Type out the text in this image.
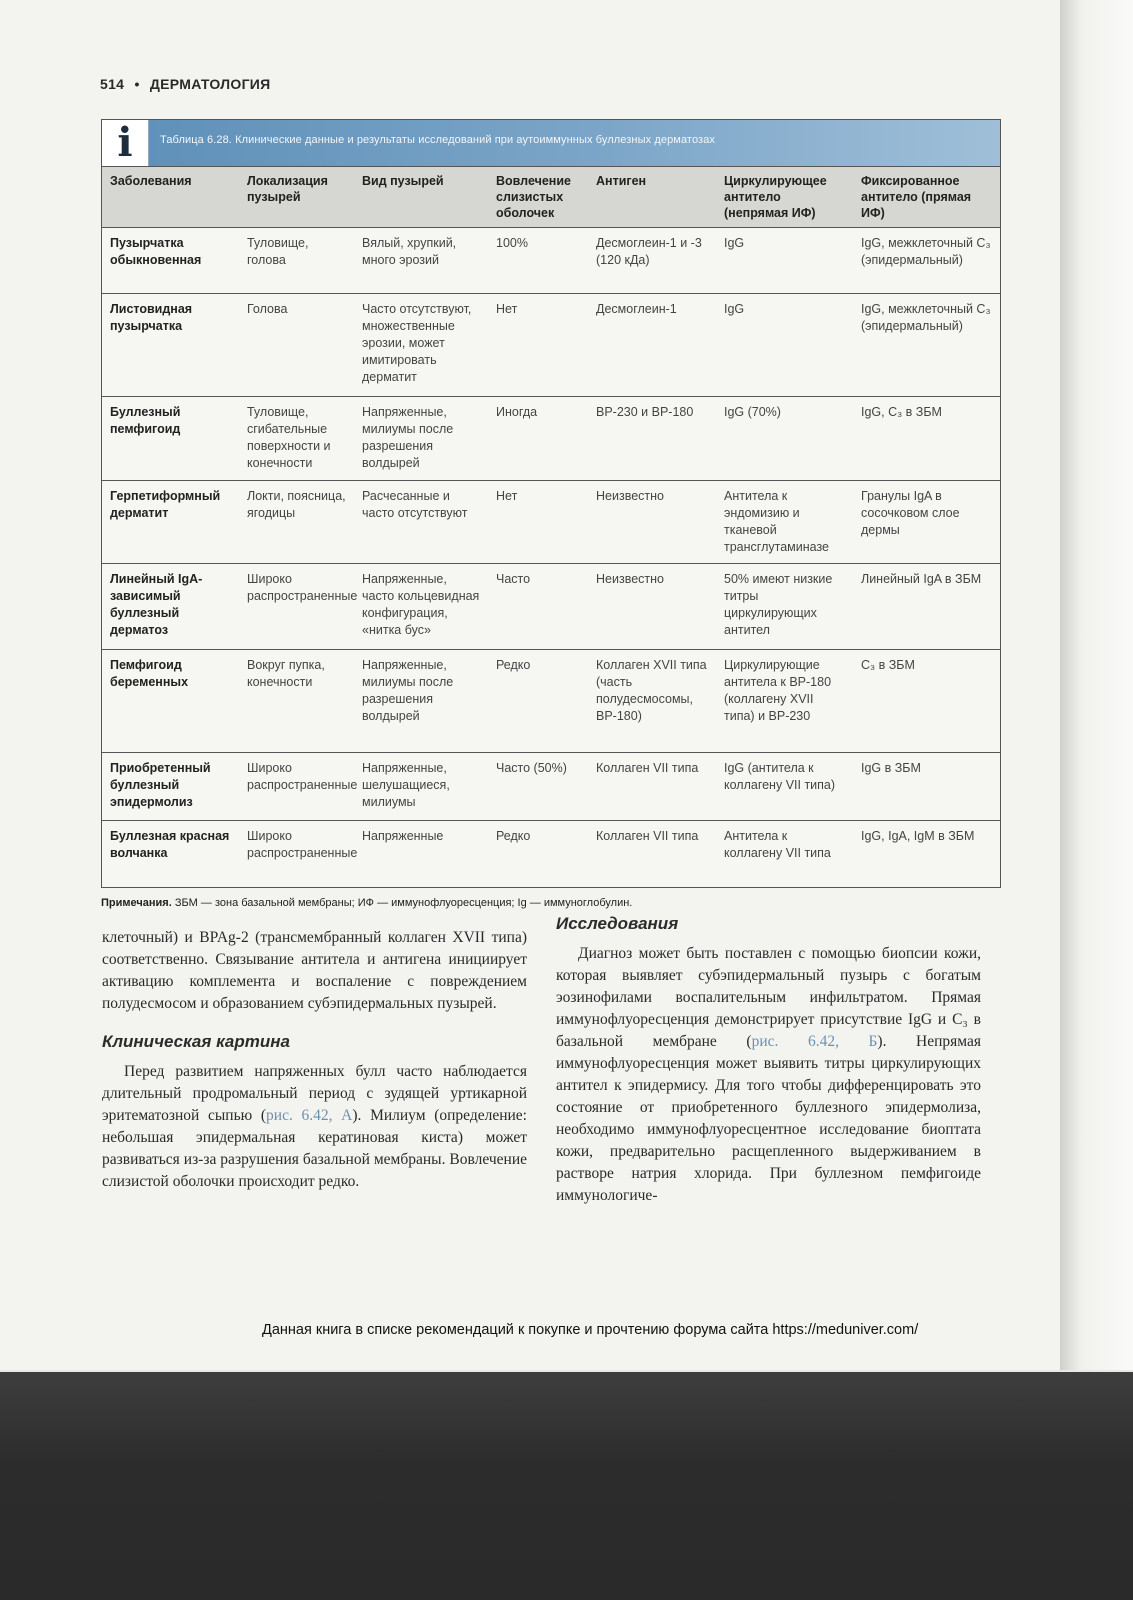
514 • ДЕРМАТОЛОГИЯ
i Таблица 6.28. Клинические данные и результаты исследований при аутоиммунных буллезных дерматозах
Заболевания	Локализация пузырей	Вид пузырей	Вовлечение слизистых оболочек	Антиген	Циркулирующее антитело (непрямая ИФ)	Фиксированное антитело (прямая ИФ)
Пузырчатка обыкновенная	Туловище, голова	Вялый, хрупкий, много эрозий	100%	Десмоглеин-1 и -3 (120 кДа)	IgG	IgG, межклеточный C₃ (эпидермальный)
Листовидная пузырчатка	Голова	Часто отсутствуют, множественные эрозии, может имитировать дерматит	Нет	Десмоглеин-1	IgG	IgG, межклеточный C₃ (эпидермальный)
Буллезный пемфигоид	Туловище, сгибательные поверхности и конечности	Напряженные, милиумы после разрешения волдырей	Иногда	BP-230 и BP-180	IgG (70%)	IgG, C₃ в ЗБМ
Герпетиформный дерматит	Локти, поясница, ягодицы	Расчесанные и часто отсутствуют	Нет	Неизвестно	Антитела к эндомизию и тканевой трансглутаминазе	Гранулы IgA в сосочковом слое дермы
Линейный IgA-зависимый буллезный дерматоз	Широко распространенные	Напряженные, часто кольцевидная конфигурация, «нитка бус»	Часто	Неизвестно	50% имеют низкие титры циркулирующих антител	Линейный IgA в ЗБМ
Пемфигоид беременных	Вокруг пупка, конечности	Напряженные, милиумы после разрешения волдырей	Редко	Коллаген XVII типа (часть полудесмосомы, BP-180)	Циркулирующие антитела к BP-180 (коллагену XVII типа) и BP-230	C₃ в ЗБМ
Приобретенный буллезный эпидермолиз	Широко распространенные	Напряженные, шелушащиеся, милиумы	Часто (50%)	Коллаген VII типа	IgG (антитела к коллагену VII типа)	IgG в ЗБМ
Буллезная красная волчанка	Широко распространенные	Напряженные	Редко	Коллаген VII типа	Антитела к коллагену VII типа	IgG, IgA, IgM в ЗБМ
Примечания. ЗБМ — зона базальной мембраны; ИФ — иммунофлуоресценция; Ig — иммуноглобулин.

клеточный) и BPAg-2 (трансмембранный коллаген XVII типа) соответственно. Связывание антитела и антигена инициирует активацию комплемента и воспаление с повреждением полудесмосом и образованием субэпидермальных пузырей.

Клиническая картина

Перед развитием напряженных булл часто наблюдается длительный продромальный период с зудящей уртикарной эритематозной сыпью (рис. 6.42, А). Милиум (определение: небольшая эпидермальная кератиновая киста) может развиваться из-за разрушения базальной мембраны. Вовлечение слизистой оболочки происходит редко.

Исследования

Диагноз может быть поставлен с помощью биопсии кожи, которая выявляет субэпидермальный пузырь с богатым эозинофилами воспалительным инфильтратом. Прямая иммунофлуоресценция демонстрирует присутствие IgG и C₃ в базальной мембране (рис. 6.42, Б). Непрямая иммунофлуоресценция может выявить титры циркулирующих антител к эпидермису. Для того чтобы дифференцировать это состояние от приобретенного буллезного эпидермолиза, необходимо иммунофлуоресцентное исследование биоптата кожи, предварительно расщепленного выдерживанием в растворе натрия хлорида. При буллезном пемфигоиде иммунологиче-

Данная книга в списке рекомендаций к покупке и прочтению форума сайта https://meduniver.com/
